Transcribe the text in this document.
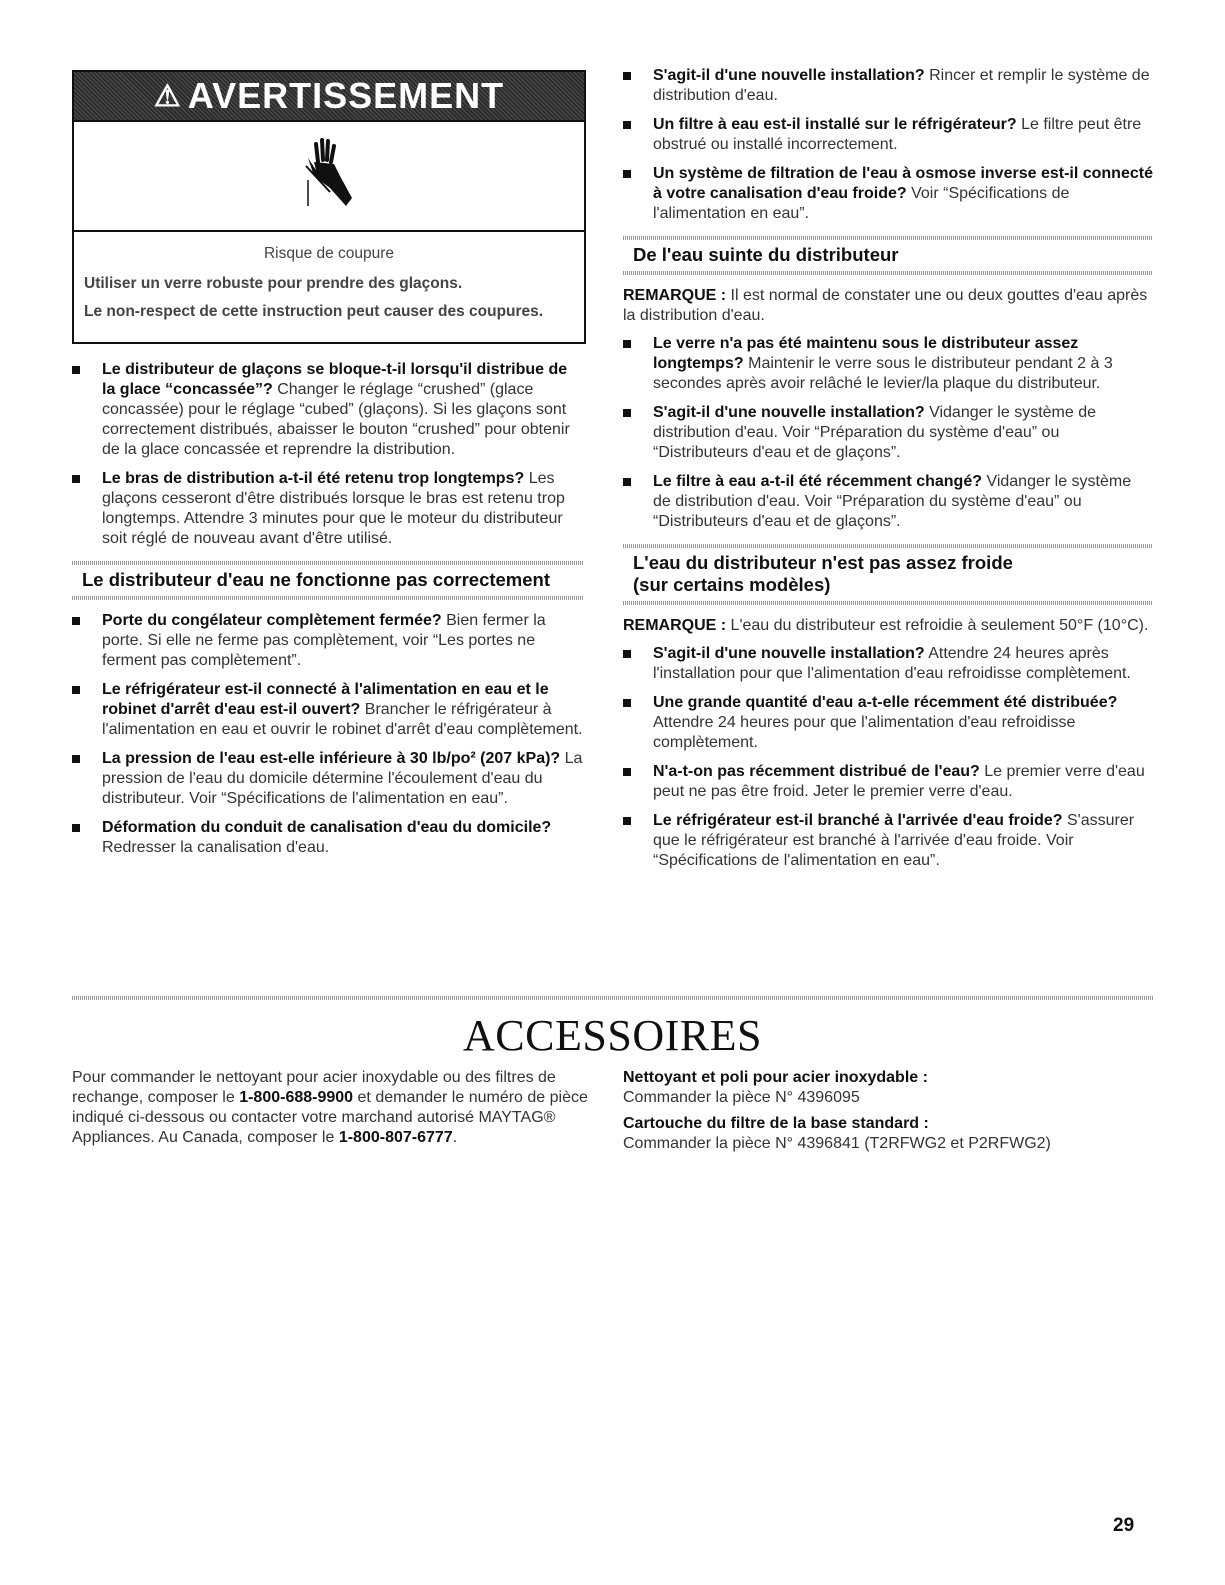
⚠ AVERTISSEMENT

Risque de coupure

Utiliser un verre robuste pour prendre des glaçons.

Le non-respect de cette instruction peut causer des coupures.

Le distributeur de glaçons se bloque-t-il lorsqu'il distribue de la glace “concassée”? Changer le réglage “crushed” (glace concassée) pour le réglage “cubed” (glaçons). Si les glaçons sont correctement distribués, abaisser le bouton “crushed” pour obtenir de la glace concassée et reprendre la distribution.
Le bras de distribution a-t-il été retenu trop longtemps? Les glaçons cesseront d'être distribués lorsque le bras est retenu trop longtemps. Attendre 3 minutes pour que le moteur du distributeur soit réglé de nouveau avant d'être utilisé.
Le distributeur d'eau ne fonctionne pas correctement
Porte du congélateur complètement fermée? Bien fermer la porte. Si elle ne ferme pas complètement, voir “Les portes ne ferment pas complètement”.
Le réfrigérateur est-il connecté à l'alimentation en eau et le robinet d'arrêt d'eau est-il ouvert? Brancher le réfrigérateur à l'alimentation en eau et ouvrir le robinet d'arrêt d'eau complètement.
La pression de l'eau est-elle inférieure à 30 lb/po² (207 kPa)? La pression de l'eau du domicile détermine l'écoulement d'eau du distributeur. Voir “Spécifications de l'alimentation en eau”.
Déformation du conduit de canalisation d'eau du domicile? Redresser la canalisation d'eau.
S'agit-il d'une nouvelle installation? Rincer et remplir le système de distribution d'eau.
Un filtre à eau est-il installé sur le réfrigérateur? Le filtre peut être obstrué ou installé incorrectement.
Un système de filtration de l'eau à osmose inverse est-il connecté à votre canalisation d'eau froide? Voir “Spécifications de l'alimentation en eau”.
De l'eau suinte du distributeur

REMARQUE : Il est normal de constater une ou deux gouttes d'eau après la distribution d'eau.

Le verre n'a pas été maintenu sous le distributeur assez longtemps? Maintenir le verre sous le distributeur pendant 2 à 3 secondes après avoir relâché le levier/la plaque du distributeur.
S'agit-il d'une nouvelle installation? Vidanger le système de distribution d'eau. Voir “Préparation du système d'eau” ou “Distributeurs d'eau et de glaçons”.
Le filtre à eau a-t-il été récemment changé? Vidanger le système de distribution d'eau. Voir “Préparation du système d'eau” ou “Distributeurs d'eau et de glaçons”.
L'eau du distributeur n'est pas assez froide
(sur certains modèles)

REMARQUE : L'eau du distributeur est refroidie à seulement 50°F (10°C).

S'agit-il d'une nouvelle installation? Attendre 24 heures après l'installation pour que l'alimentation d'eau refroidisse complètement.
Une grande quantité d'eau a-t-elle récemment été distribuée? Attendre 24 heures pour que l'alimentation d'eau refroidisse complètement.
N'a-t-on pas récemment distribué de l'eau? Le premier verre d'eau peut ne pas être froid. Jeter le premier verre d'eau.
Le réfrigérateur est-il branché à l'arrivée d'eau froide? S'assurer que le réfrigérateur est branché à l'arrivée d'eau froide. Voir “Spécifications de l'alimentation en eau”.
ACCESSOIRES
Pour commander le nettoyant pour acier inoxydable ou des filtres de rechange, composer le 1-800-688-9900 et demander le numéro de pièce indiqué ci-dessous ou contacter votre marchand autorisé MAYTAG® Appliances. Au Canada, composer le 1-800-807-6777.
Nettoyant et poli pour acier inoxydable :
Commander la pièce N° 4396095
Cartouche du filtre de la base standard :
Commander la pièce N° 4396841 (T2RFWG2 et P2RFWG2)
29
